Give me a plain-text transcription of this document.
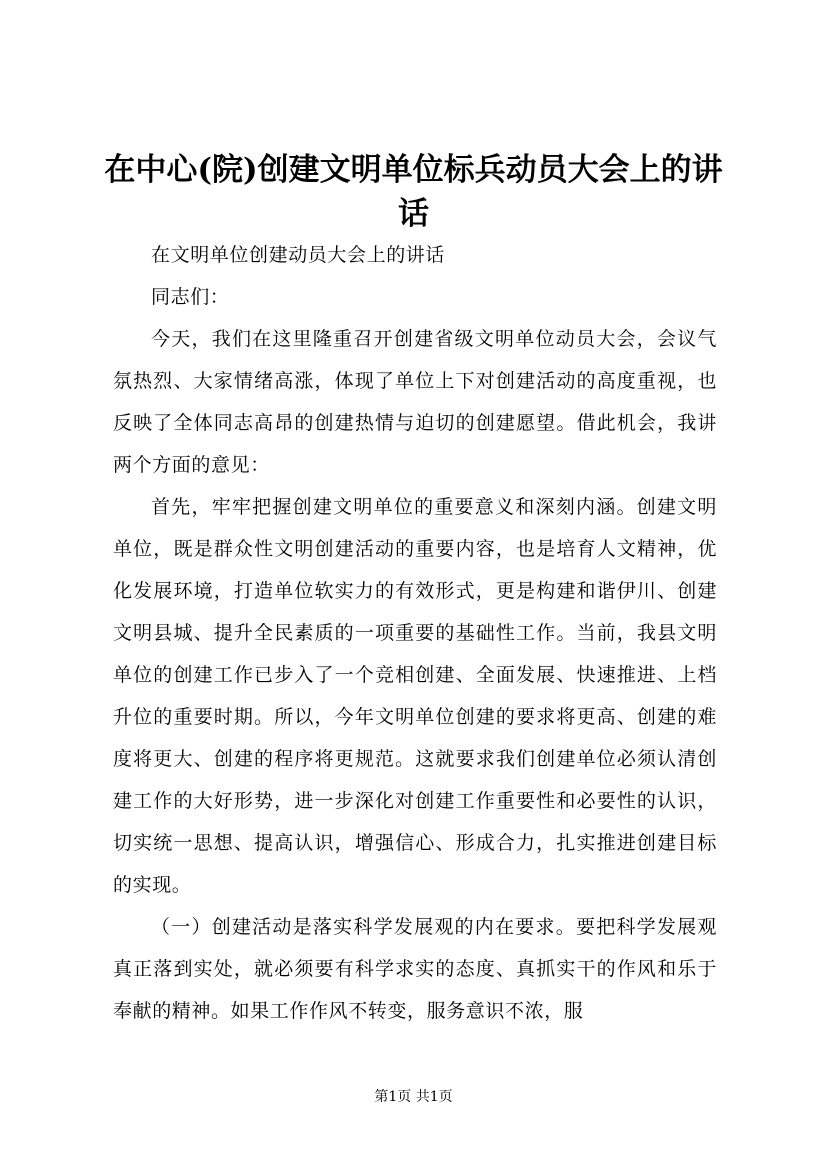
在中心(院)创建文明单位标兵动员大会上的讲话

在文明单位创建动员大会上的讲话

同志们：

今天，我们在这里隆重召开创建省级文明单位动员大会，会议气氛热烈、大家情绪高涨，体现了单位上下对创建活动的高度重视，也反映了全体同志高昂的创建热情与迫切的创建愿望。借此机会，我讲两个方面的意见：

首先，牢牢把握创建文明单位的重要意义和深刻内涵。创建文明单位，既是群众性文明创建活动的重要内容，也是培育人文精神，优化发展环境，打造单位软实力的有效形式，更是构建和谐伊川、创建文明县城、提升全民素质的一项重要的基础性工作。当前，我县文明单位的创建工作已步入了一个竞相创建、全面发展、快速推进、上档升位的重要时期。所以，今年文明单位创建的要求将更高、创建的难度将更大、创建的程序将更规范。这就要求我们创建单位必须认清创建工作的大好形势，进一步深化对创建工作重要性和必要性的认识，切实统一思想、提高认识，增强信心、形成合力，扎实推进创建目标的实现。

（一）创建活动是落实科学发展观的内在要求。要把科学发展观真正落到实处，就必须要有科学求实的态度、真抓实干的作风和乐于奉献的精神。如果工作作风不转变，服务意识不浓，服

第1页 共1页
